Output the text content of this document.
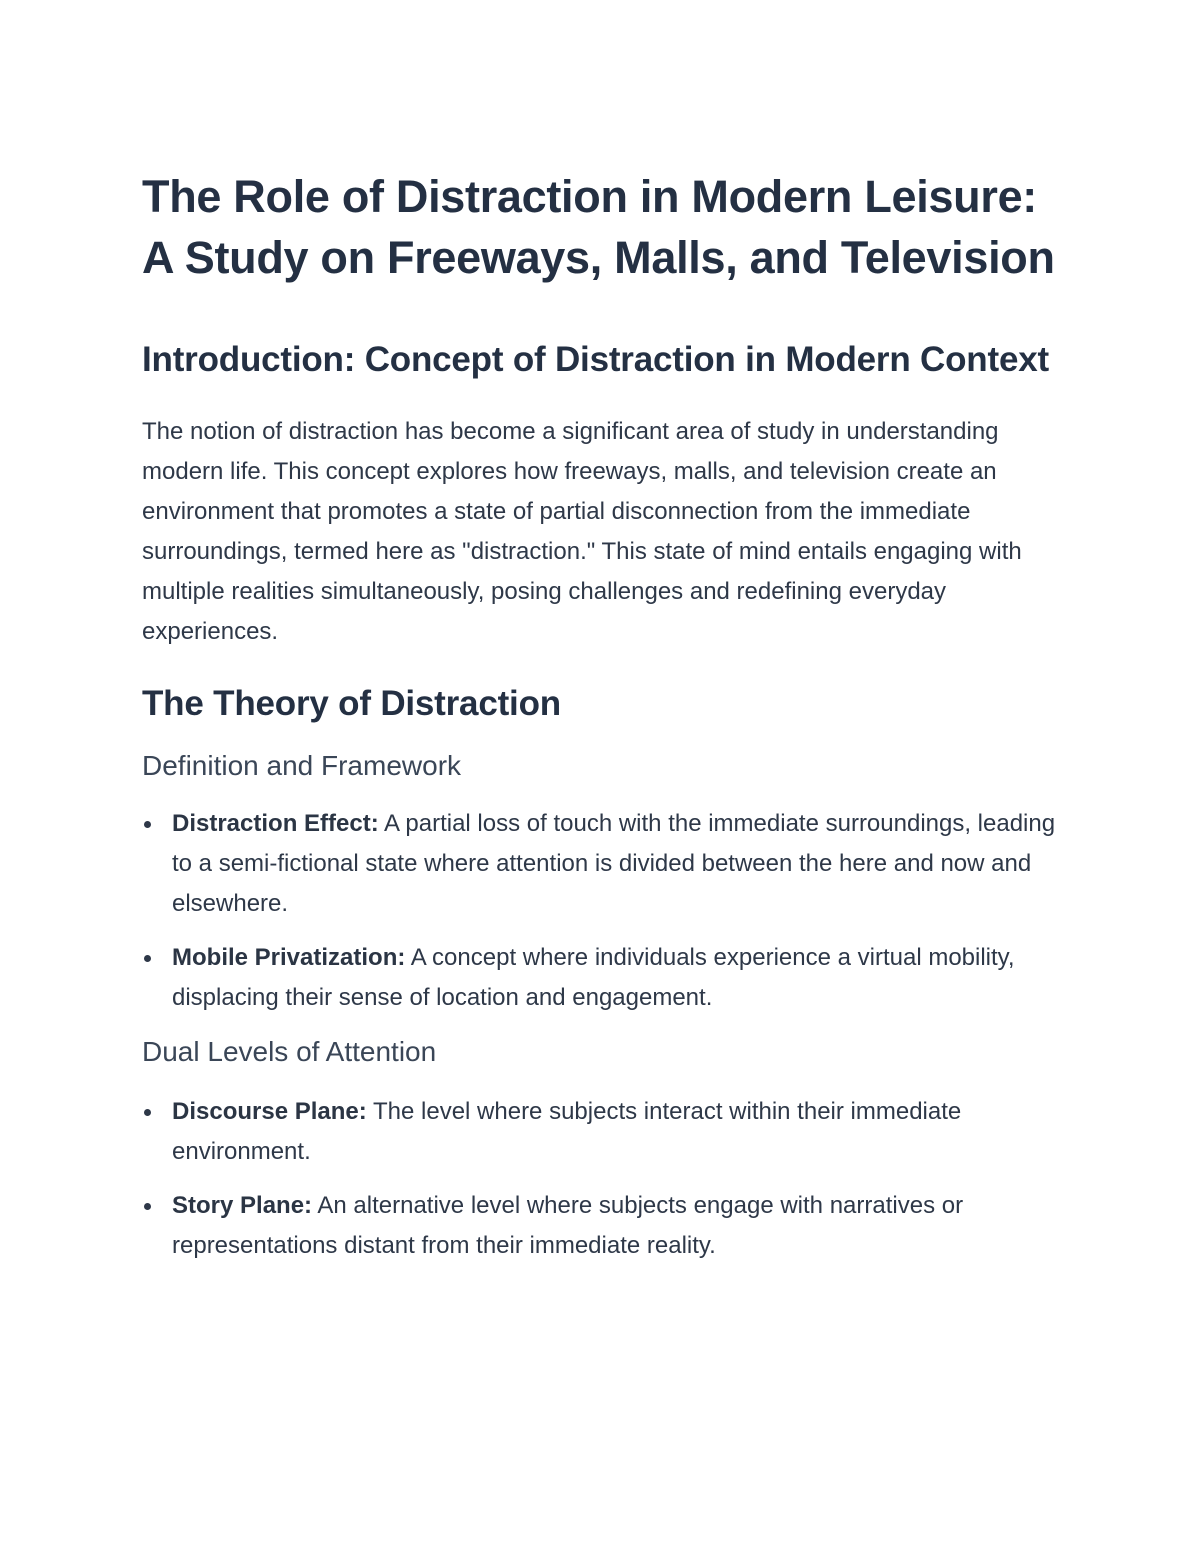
The Role of Distraction in Modern Leisure: A Study on Freeways, Malls, and Television
Introduction: Concept of Distraction in Modern Context

The notion of distraction has become a significant area of study in understanding modern life. This concept explores how freeways, malls, and television create an environment that promotes a state of partial disconnection from the immediate surroundings, termed here as "distraction." This state of mind entails engaging with multiple realities simultaneously, posing challenges and redefining everyday experiences.

The Theory of Distraction
Definition and Framework
Distraction Effect: A partial loss of touch with the immediate surroundings, leading to a semi-fictional state where attention is divided between the here and now and elsewhere.
Mobile Privatization: A concept where individuals experience a virtual mobility, displacing their sense of location and engagement.
Dual Levels of Attention
Discourse Plane: The level where subjects interact within their immediate environment.
Story Plane: An alternative level where subjects engage with narratives or representations distant from their immediate reality.
